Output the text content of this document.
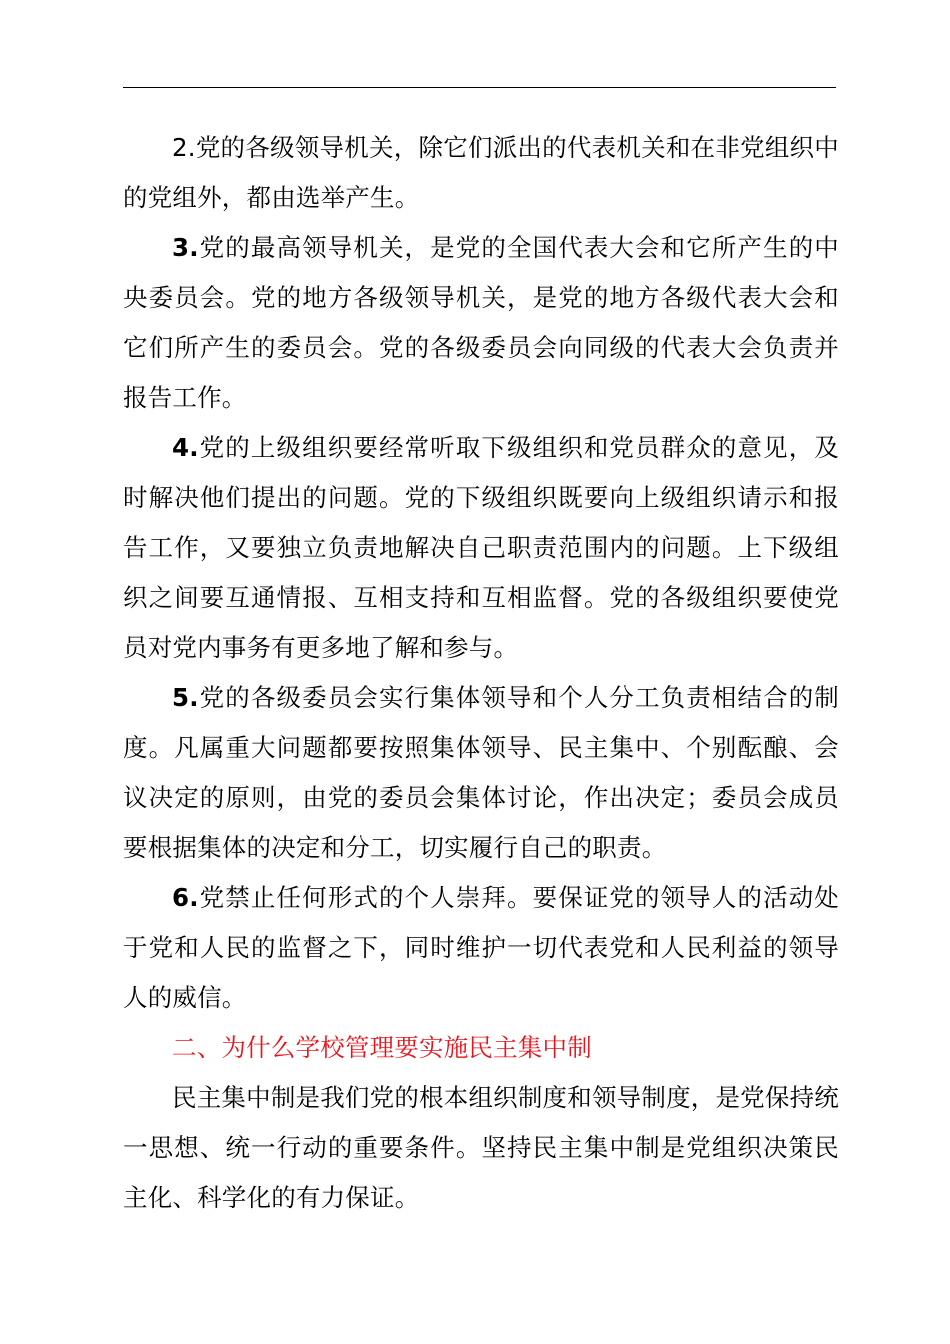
2.党的各级领导机关，除它们派出的代表机关和在非党组织中的党组外，都由选举产生。

3.党的最高领导机关，是党的全国代表大会和它所产生的中央委员会。党的地方各级领导机关，是党的地方各级代表大会和它们所产生的委员会。党的各级委员会向同级的代表大会负责并报告工作。

4.党的上级组织要经常听取下级组织和党员群众的意见，及时解决他们提出的问题。党的下级组织既要向上级组织请示和报告工作，又要独立负责地解决自己职责范围内的问题。上下级组织之间要互通情报、互相支持和互相监督。党的各级组织要使党员对党内事务有更多地了解和参与。

5.党的各级委员会实行集体领导和个人分工负责相结合的制度。凡属重大问题都要按照集体领导、民主集中、个别酝酿、会议决定的原则，由党的委员会集体讨论，作出决定；委员会成员要根据集体的决定和分工，切实履行自己的职责。

6.党禁止任何形式的个人崇拜。要保证党的领导人的活动处于党和人民的监督之下，同时维护一切代表党和人民利益的领导人的威信。

二、为什么学校管理要实施民主集中制

民主集中制是我们党的根本组织制度和领导制度，是党保持统一思想、统一行动的重要条件。坚持民主集中制是党组织决策民主化、科学化的有力保证。
